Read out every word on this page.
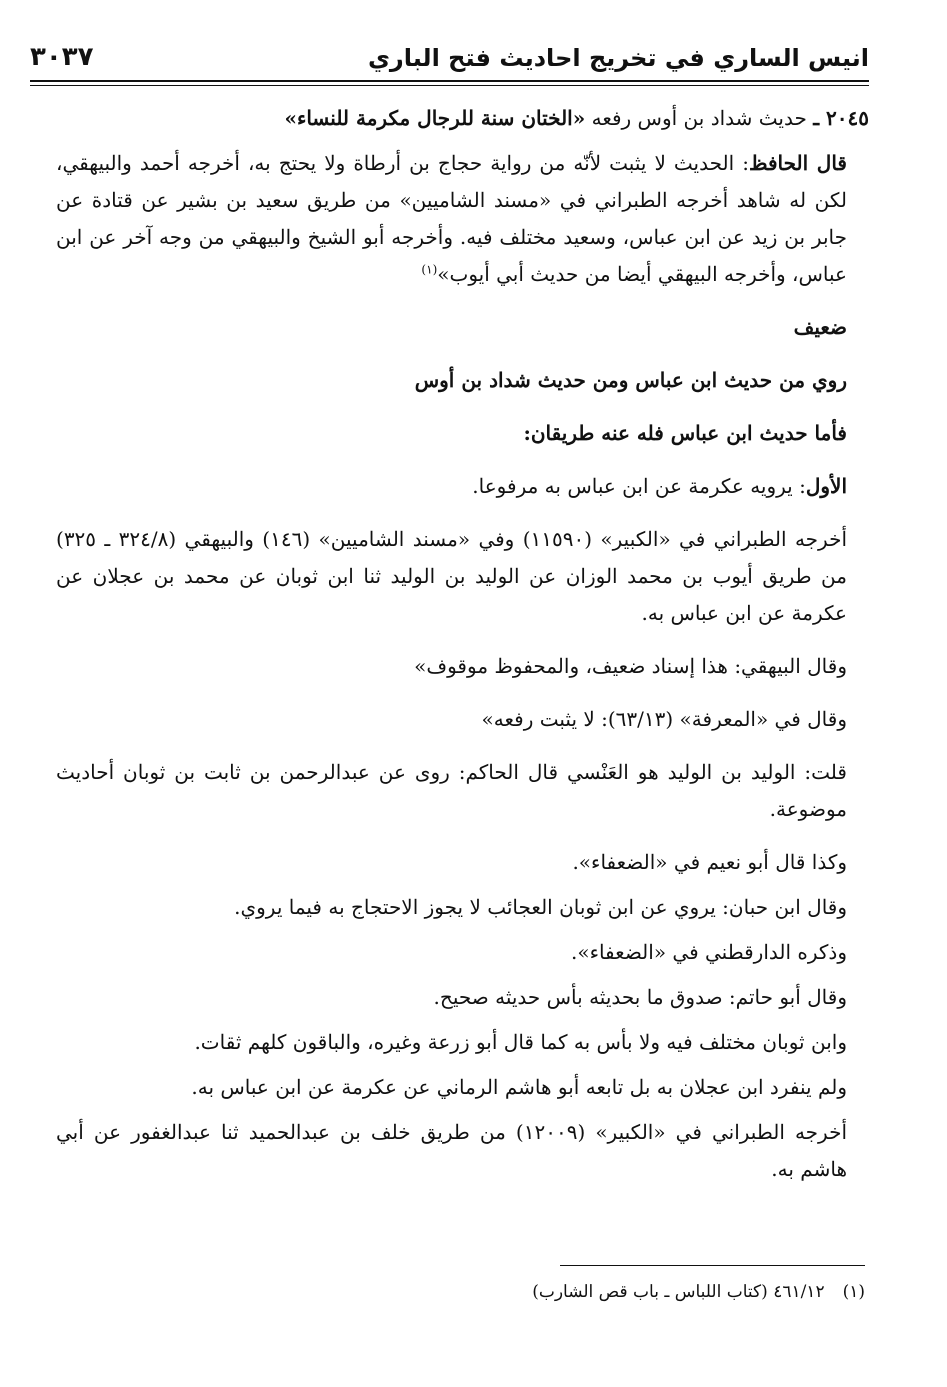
٣٠٣٧	انيس الساري في تخريج احاديث فتح الباري

٢٠٤٥ ـ حديث شداد بن أوس رفعه «الختان سنة للرجال مكرمة للنساء»

قال الحافظ: الحديث لا يثبت لأنّه من رواية حجاج بن أرطاة ولا يحتج به، أخرجه أحمد والبيهقي، لكن له شاهد أخرجه الطبراني في «مسند الشاميين» من طريق سعيد بن بشير عن قتادة عن جابر بن زيد عن ابن عباس، وسعيد مختلف فيه. وأخرجه أبو الشيخ والبيهقي من وجه آخر عن ابن عباس، وأخرجه البيهقي أيضا من حديث أبي أيوب»$^{(١)}$

ضعيف

روي من حديث ابن عباس ومن حديث شداد بن أوس

فأما حديث ابن عباس فله عنه طريقان:

الأول: يرويه عكرمة عن ابن عباس به مرفوعا.

أخرجه الطبراني في «الكبير» (١١٥٩٠) وفي «مسند الشاميين» (١٤٦) والبيهقي (٣٢٤/٨ ـ ٣٢٥) من طريق أيوب بن محمد الوزان عن الوليد بن الوليد ثنا ابن ثوبان عن محمد بن عجلان عن عكرمة عن ابن عباس به.

وقال البيهقي: هذا إسناد ضعيف، والمحفوظ موقوف»

وقال في «المعرفة» (٦٣/١٣): لا يثبت رفعه»

قلت: الوليد بن الوليد هو العَنْسي قال الحاكم: روى عن عبدالرحمن بن ثابت بن ثوبان أحاديث موضوعة.

وكذا قال أبو نعيم في «الضعفاء».

وقال ابن حبان: يروي عن ابن ثوبان العجائب لا يجوز الاحتجاج به فيما يروي.

وذكره الدارقطني في «الضعفاء».

وقال أبو حاتم: صدوق ما بحديثه بأس حديثه صحيح.

وابن ثوبان مختلف فيه ولا بأس به كما قال أبو زرعة وغيره، والباقون كلهم ثقات.

ولم ينفرد ابن عجلان به بل تابعه أبو هاشم الرماني عن عكرمة عن ابن عباس به.

أخرجه الطبراني في «الكبير» (١٢٠٠٩) من طريق خلف بن عبدالحميد ثنا عبدالغفور عن أبي هاشم به.

(١)٤٦١/١٢ (كتاب اللباس ـ باب قص الشارب)
